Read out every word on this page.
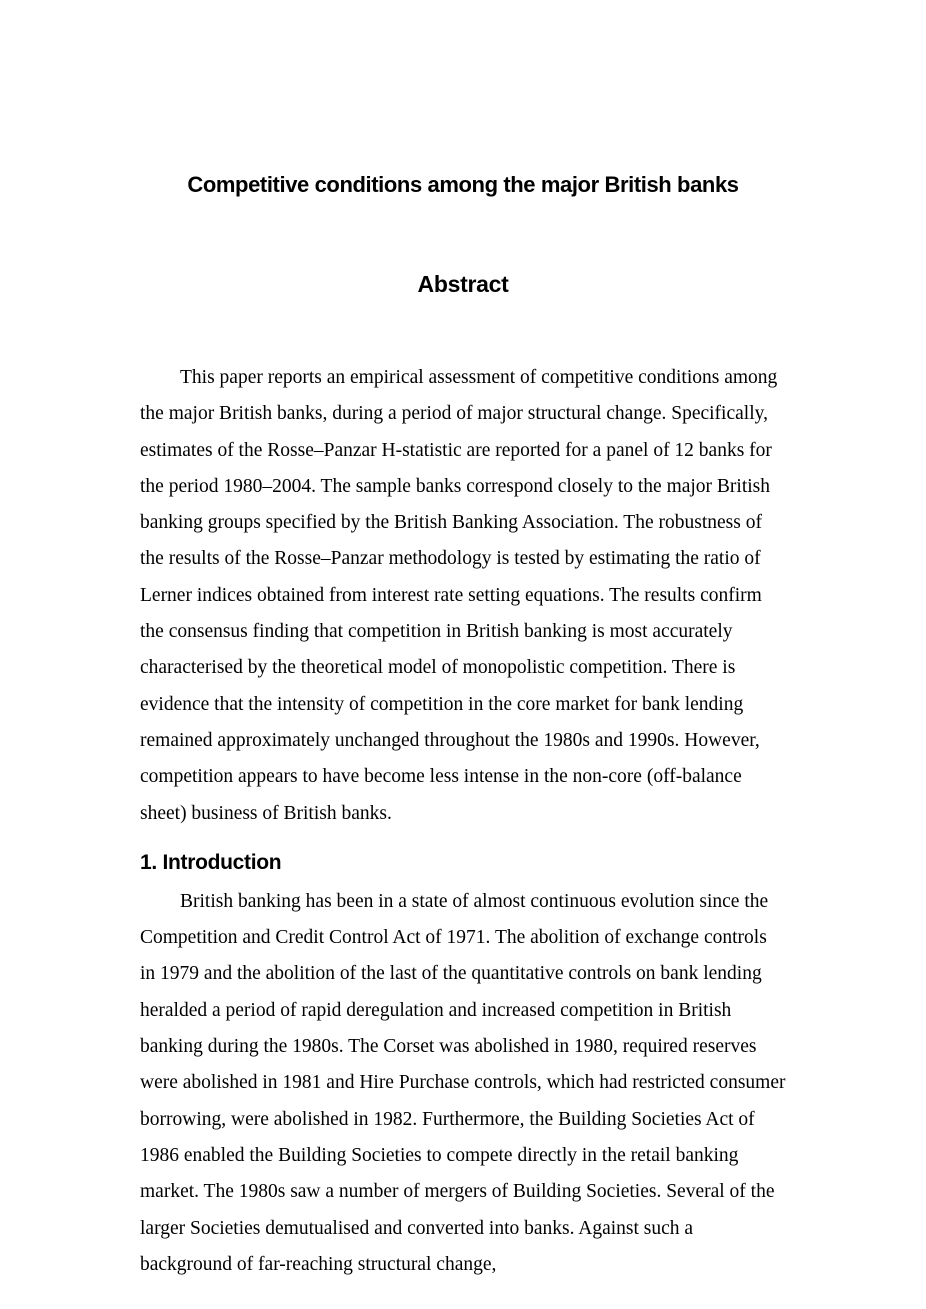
Competitive conditions among the major British banks
Abstract

This paper reports an empirical assessment of competitive conditions among the major British banks, during a period of major structural change. Specifically, estimates of the Rosse–Panzar H-statistic are reported for a panel of 12 banks for the period 1980–2004. The sample banks correspond closely to the major British banking groups specified by the British Banking Association. The robustness of the results of the Rosse–Panzar methodology is tested by estimating the ratio of Lerner indices obtained from interest rate setting equations. The results confirm the consensus finding that competition in British banking is most accurately characterised by the theoretical model of monopolistic competition. There is evidence that the intensity of competition in the core market for bank lending remained approximately unchanged throughout the 1980s and 1990s. However, competition appears to have become less intense in the non-core (off-balance sheet) business of British banks.

1. Introduction

British banking has been in a state of almost continuous evolution since the Competition and Credit Control Act of 1971. The abolition of exchange controls in 1979 and the abolition of the last of the quantitative controls on bank lending heralded a period of rapid deregulation and increased competition in British banking during the 1980s. The Corset was abolished in 1980, required reserves were abolished in 1981 and Hire Purchase controls, which had restricted consumer borrowing, were abolished in 1982. Furthermore, the Building Societies Act of 1986 enabled the Building Societies to compete directly in the retail banking market. The 1980s saw a number of mergers of Building Societies. Several of the larger Societies demutualised and converted into banks. Against such a background of far-reaching structural change,
